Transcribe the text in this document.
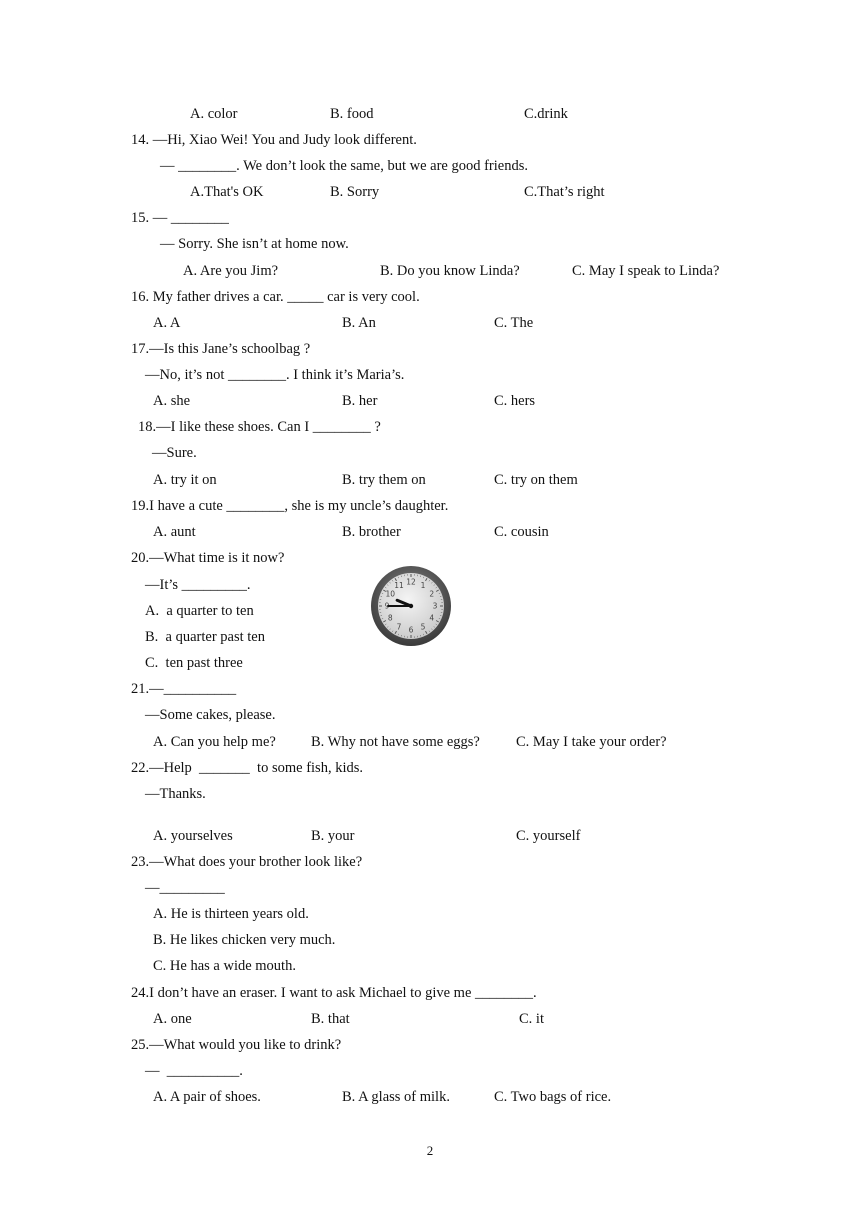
A. color	B. food	C.drink
14. —Hi, Xiao Wei! You and Judy look different.
— ________. We don’t look the same, but we are good friends.
A.That's OK	B. Sorry	C.That’s right
15. — ________
— Sorry. She isn’t at home now.
A. Are you Jim?	B. Do you know Linda?	C. May I speak to Linda?
16. My father drives a car. _____ car is very cool.
A. A	B. An	C. The
17.—Is this Jane’s schoolbag ?
—No, it’s not ________. I think it’s Maria’s.
A. she	B. her	C. hers
18.—I like these shoes. Can I ________ ?
—Sure.
A. try it on	B. try them on	C. try on them
19.I have a cute ________, she is my uncle’s daughter.
A. aunt	B. brother	C. cousin
20.―What time is it now?
―It’s _________.
A.  a quarter to ten
B.  a quarter past ten
C.  ten past three
12 1
2
3
4
5
6
7
8
9
10
11
21.―__________
―Some cakes, please.
A. Can you help me? B. Why not have some eggs? C. May I take your order?
22.—Help  _______  to some fish, kids.
—Thanks.
A. yourselves	B. your	C. yourself
23.—What does your brother look like?
—_________
A. He is thirteen years old.
B. He likes chicken very much.
C. He has a wide mouth.
24.I don’t have an eraser. I want to ask Michael to give me ________.
A. one	B. that	C. it
25.—What would you like to drink?
—  __________.
A. A pair of shoes.	B. A glass of milk.	C. Two bags of rice.
2
